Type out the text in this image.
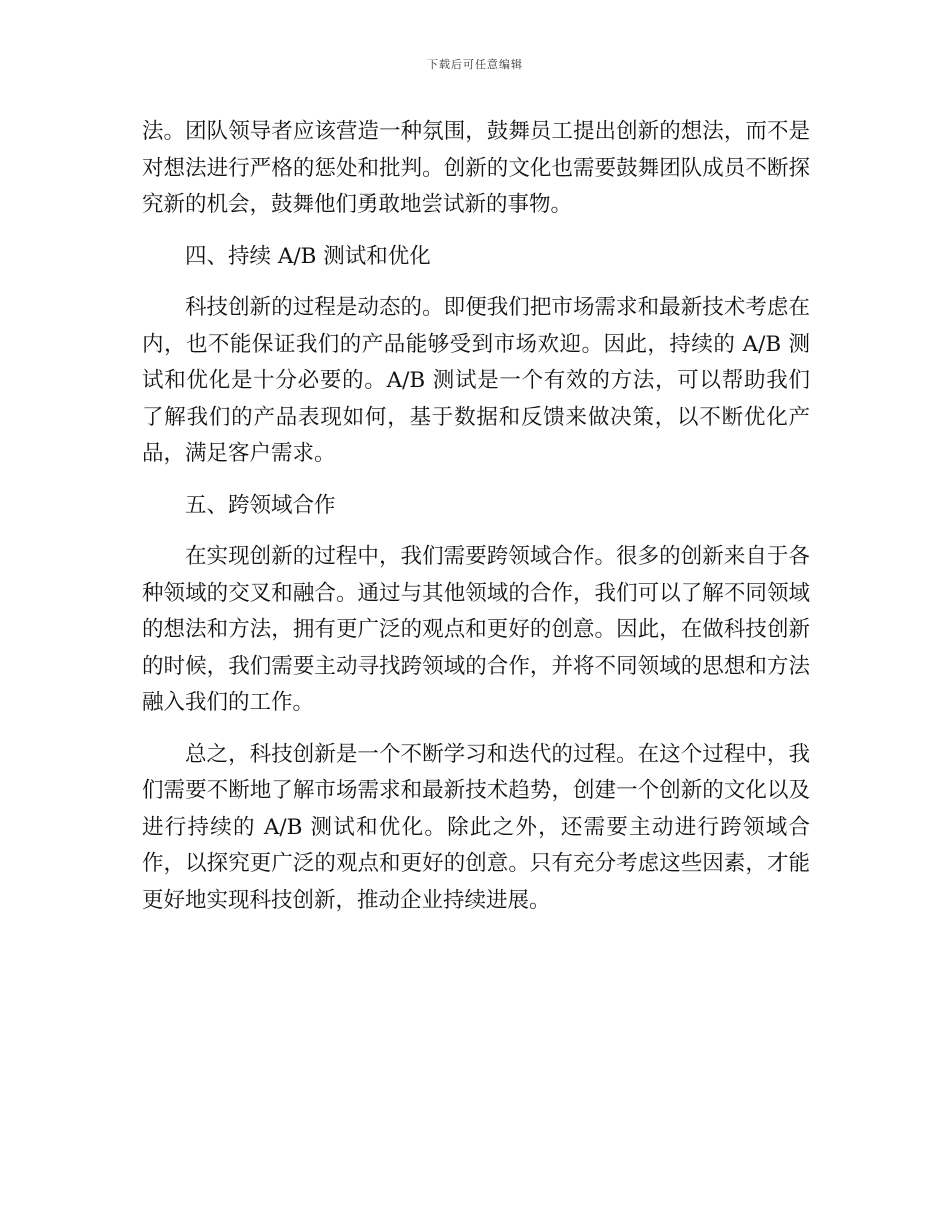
下载后可任意编辑

法。团队领导者应该营造一种氛围，鼓舞员工提出创新的想法，而不是对想法进行严格的惩处和批判。创新的文化也需要鼓舞团队成员不断探究新的机会，鼓舞他们勇敢地尝试新的事物。

四、持续 A/B 测试和优化

科技创新的过程是动态的。即便我们把市场需求和最新技术考虑在内，也不能保证我们的产品能够受到市场欢迎。因此，持续的 A/B 测试和优化是十分必要的。A/B 测试是一个有效的方法，可以帮助我们了解我们的产品表现如何，基于数据和反馈来做决策，以不断优化产品，满足客户需求。

五、跨领域合作

在实现创新的过程中，我们需要跨领域合作。很多的创新来自于各种领域的交叉和融合。通过与其他领域的合作，我们可以了解不同领域的想法和方法，拥有更广泛的观点和更好的创意。因此，在做科技创新的时候，我们需要主动寻找跨领域的合作，并将不同领域的思想和方法融入我们的工作。

总之，科技创新是一个不断学习和迭代的过程。在这个过程中，我们需要不断地了解市场需求和最新技术趋势，创建一个创新的文化以及进行持续的 A/B 测试和优化。除此之外，还需要主动进行跨领域合作，以探究更广泛的观点和更好的创意。只有充分考虑这些因素，才能更好地实现科技创新，推动企业持续进展。
